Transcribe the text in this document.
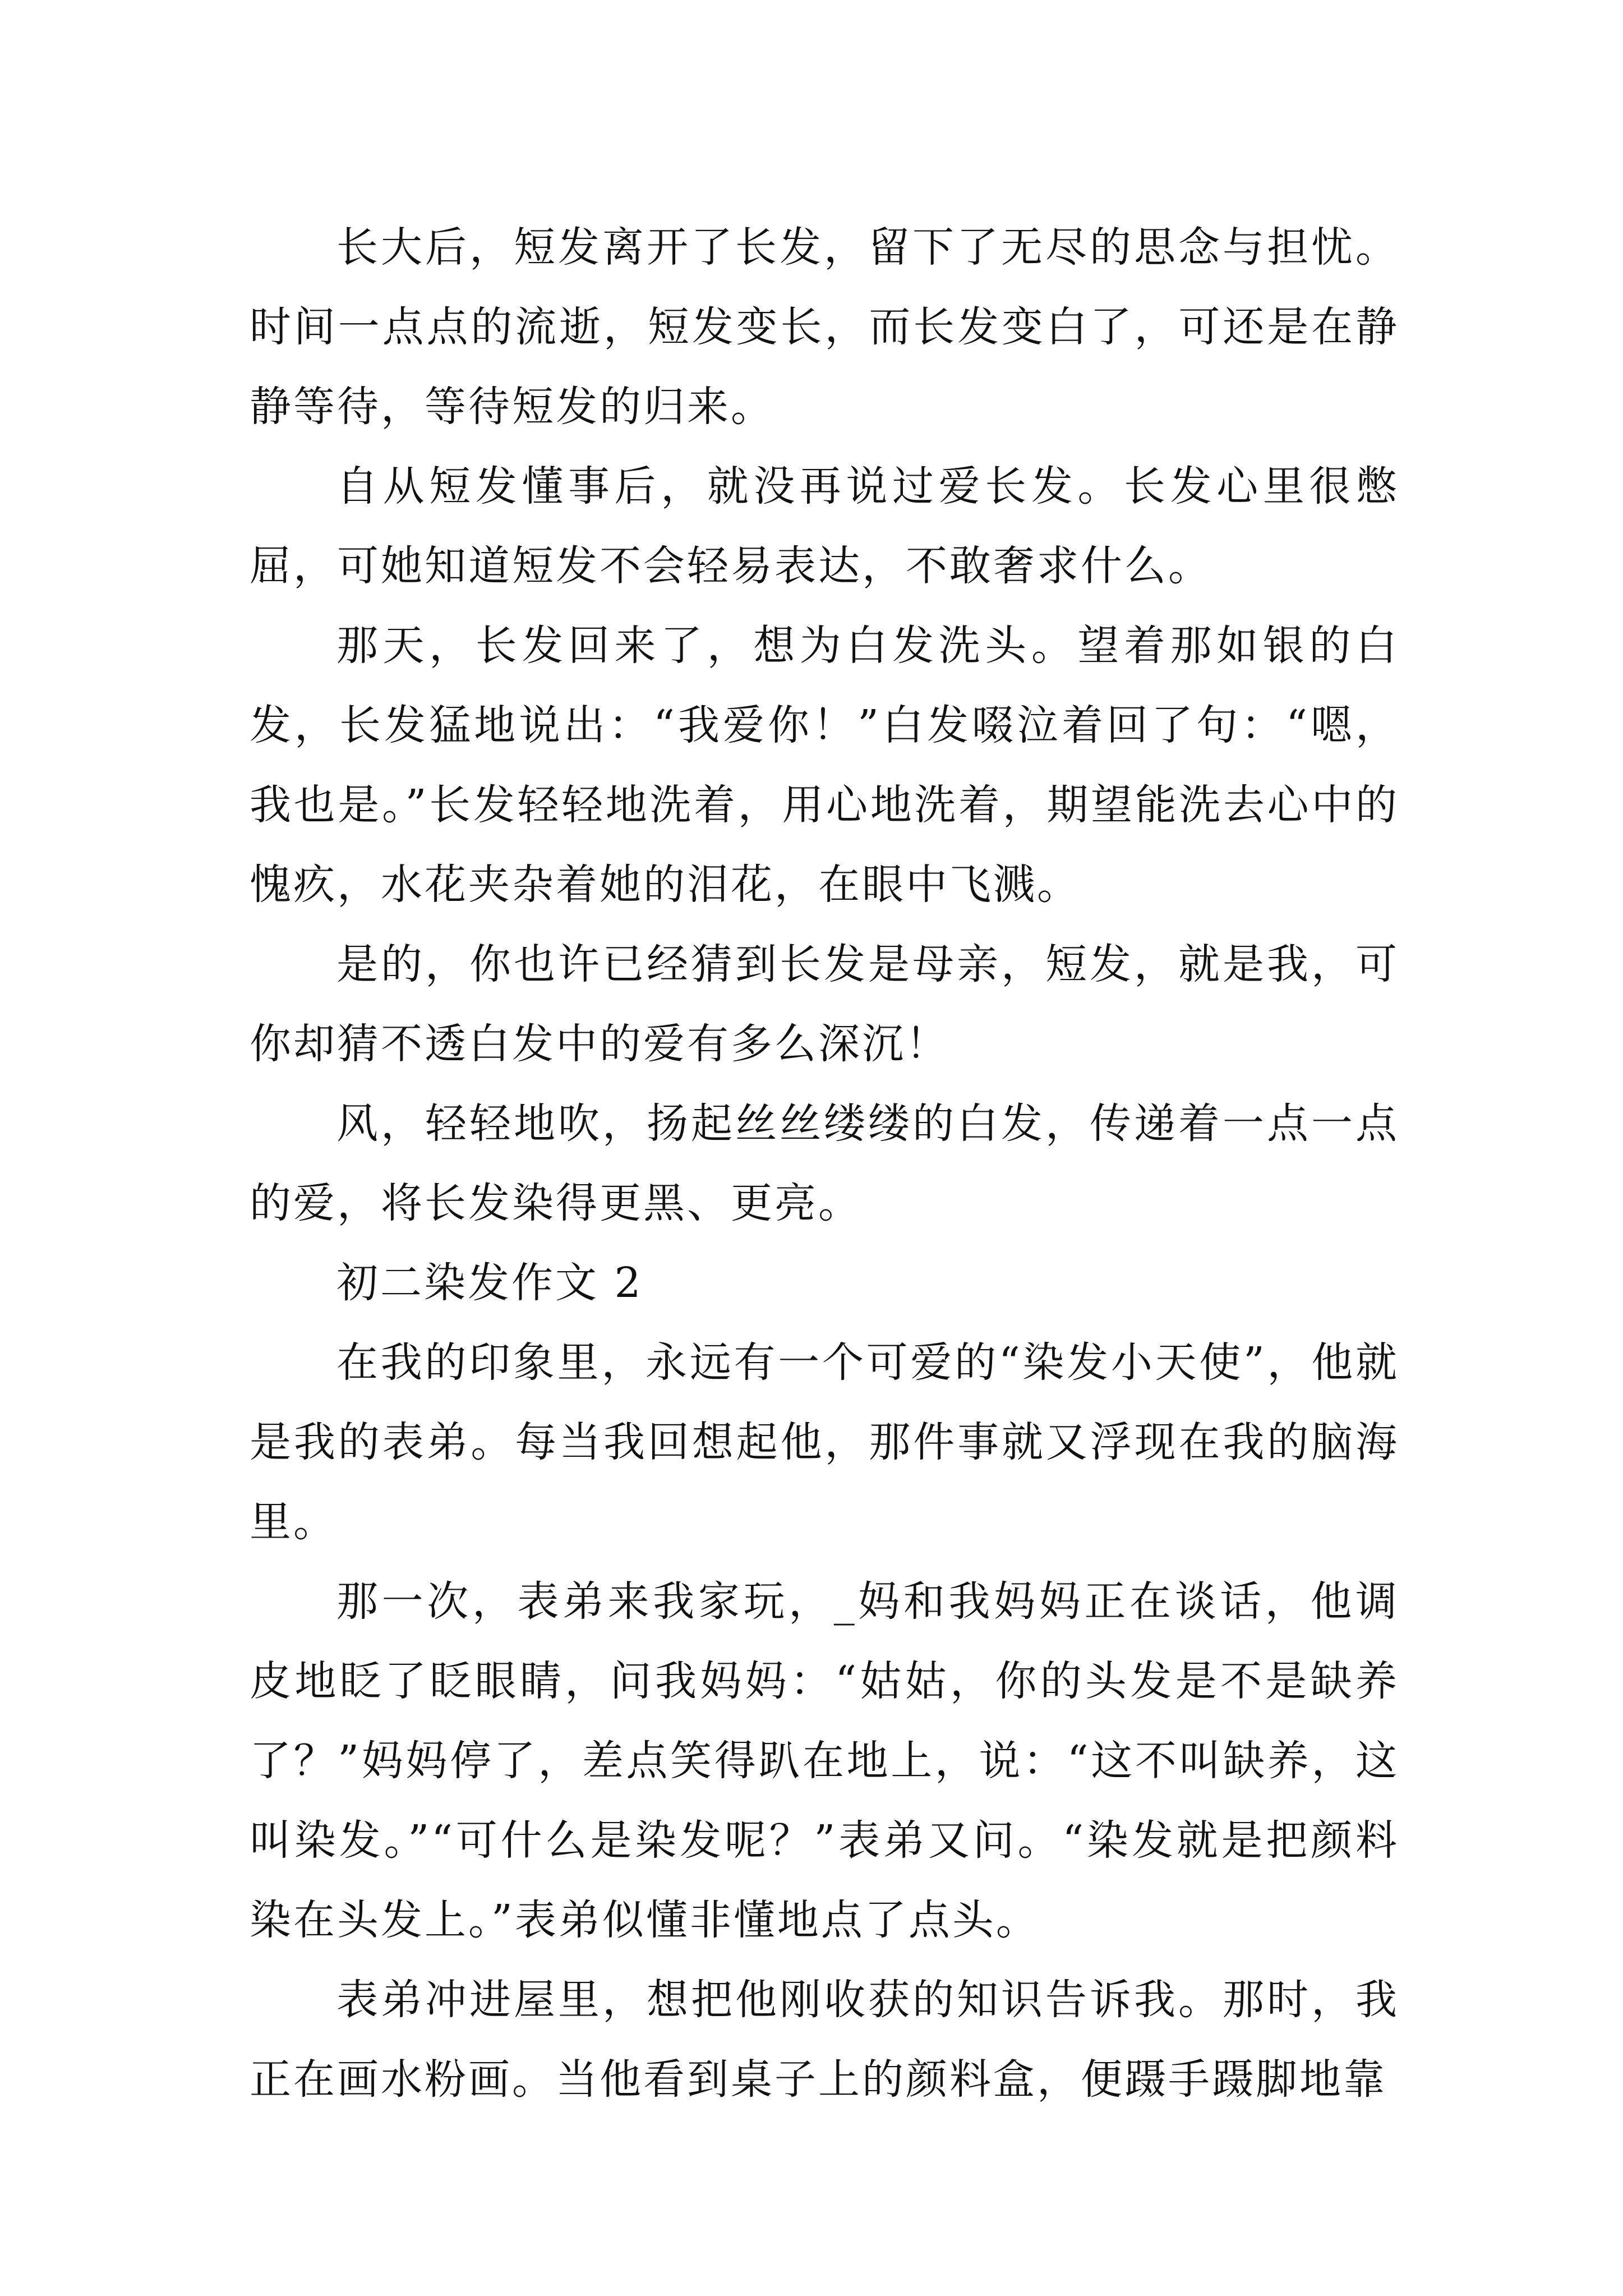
长大后，短发离开了长发，留下了无尽的思念与担忧。时间一点点的流逝，短发变长，而长发变白了，可还是在静静等待，等待短发的归来。

自从短发懂事后，就没再说过爱长发。长发心里很憋屈，可她知道短发不会轻易表达，不敢奢求什么。

那天，长发回来了，想为白发洗头。望着那如银的白发，长发猛地说出：“我爱你！”白发啜泣着回了句：“嗯，我也是。”长发轻轻地洗着，用心地洗着，期望能洗去心中的愧疚，水花夹杂着她的泪花，在眼中飞溅。

是的，你也许已经猜到长发是母亲，短发，就是我，可你却猜不透白发中的爱有多么深沉！

风，轻轻地吹，扬起丝丝缕缕的白发，传递着一点一点的爱，将长发染得更黑、更亮。

初二染发作文 2

在我的印象里，永远有一个可爱的“染发小天使”，他就是我的表弟。每当我回想起他，那件事就又浮现在我的脑海里。

那一次，表弟来我家玩，_妈和我妈妈正在谈话，他调皮地眨了眨眼睛，问我妈妈：“姑姑，你的头发是不是缺养了？”妈妈停了，差点笑得趴在地上，说：“这不叫缺养，这叫染发。”“可什么是染发呢？”表弟又问。“染发就是把颜料染在头发上。”表弟似懂非懂地点了点头。

表弟冲进屋里，想把他刚收获的知识告诉我。那时，我正在画水粉画。当他看到桌子上的颜料盒，便蹑手蹑脚地靠
